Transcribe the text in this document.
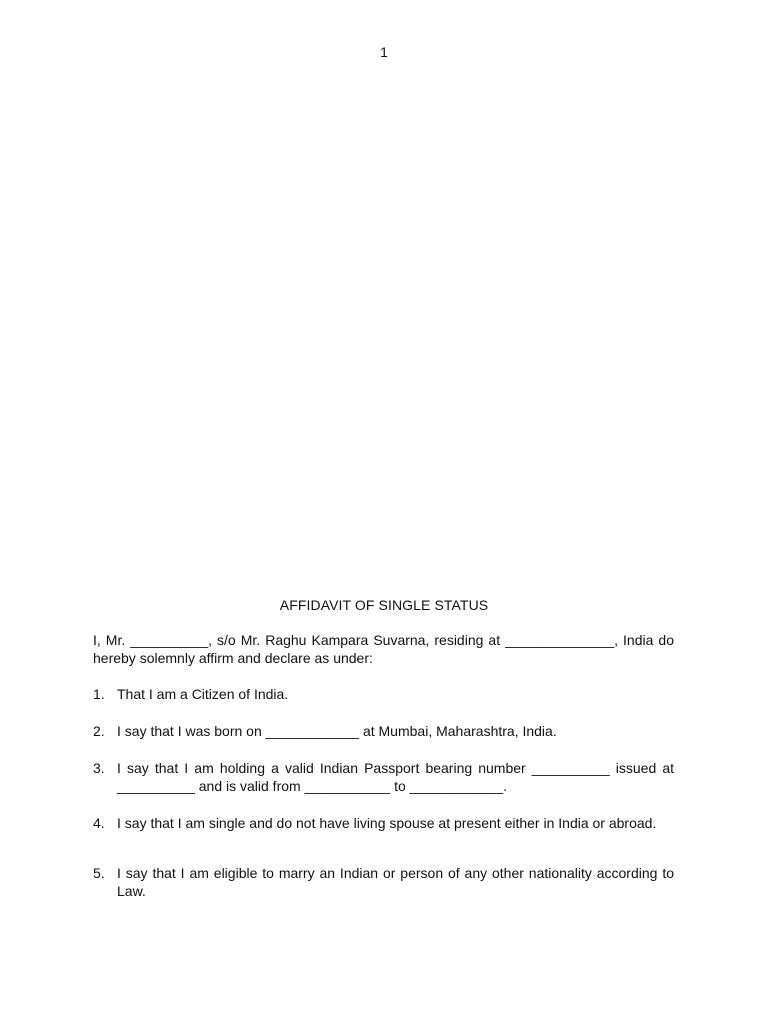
1
AFFIDAVIT OF SINGLE STATUS

I, Mr. __________, s/o Mr. Raghu Kampara Suvarna, residing at ______________, India do hereby solemnly affirm and declare as under:

1. That I am a Citizen of India.
2. I say that I was born on ____________ at Mumbai, Maharashtra, India.
3. I say that I am holding a valid Indian Passport bearing number __________ issued at __________ and is valid from ___________ to ____________.
4. I say that I am single and do not have living spouse at present either in India or abroad.
5. I say that I am eligible to marry an Indian or person of any other nationality according to Law.
